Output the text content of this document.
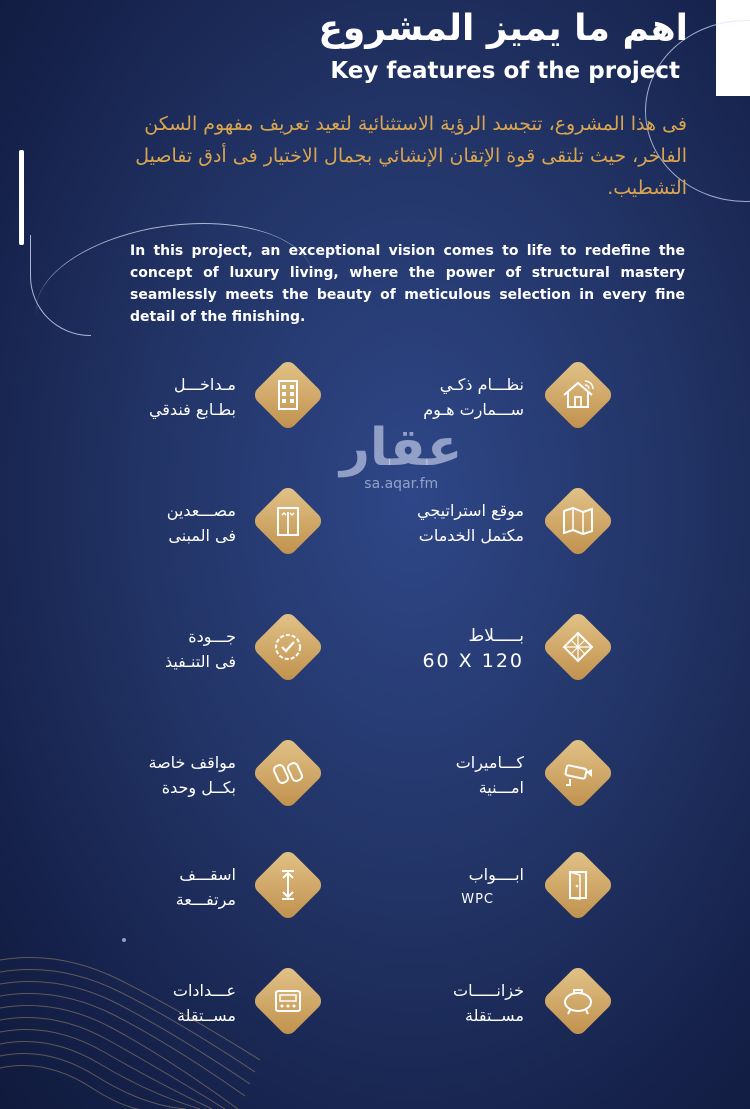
اهم ما يميز المشروع
Key features of the project
فى هذا المشروع، تتجسد الرؤية الاستثنائية لتعيد تعريف مفهوم السكن الفاخر، حيث تلتقى قوة الإتقان الإنشائي بجمال الاختيار فى أدق تفاصيل التشطيب.
In this project, an exceptional vision comes to life to redefine the concept of luxury living, where the power of structural mastery seamlessly meets the beauty of meticulous selection in every fine detail of the finishing.
عقار
sa.aqar.fm
نظـــام ذكـي
ســـمارت هـوم
مـداخـــل
بطـابع فندقي
موقع استراتيجي
مكتمل الخدمات
مصـــعدين
فى المبنى
بـــــلاط
60 X 120
جـــودة
فى التنـفيذ
كـــاميرات
امـــنية
مواقف خاصة
بكــل وحدة
ابــــواب
WPC
اسقـــف
مرتفـــعة
خزانـــــات
مســتقلة
عـــدادات
مســتقلة
